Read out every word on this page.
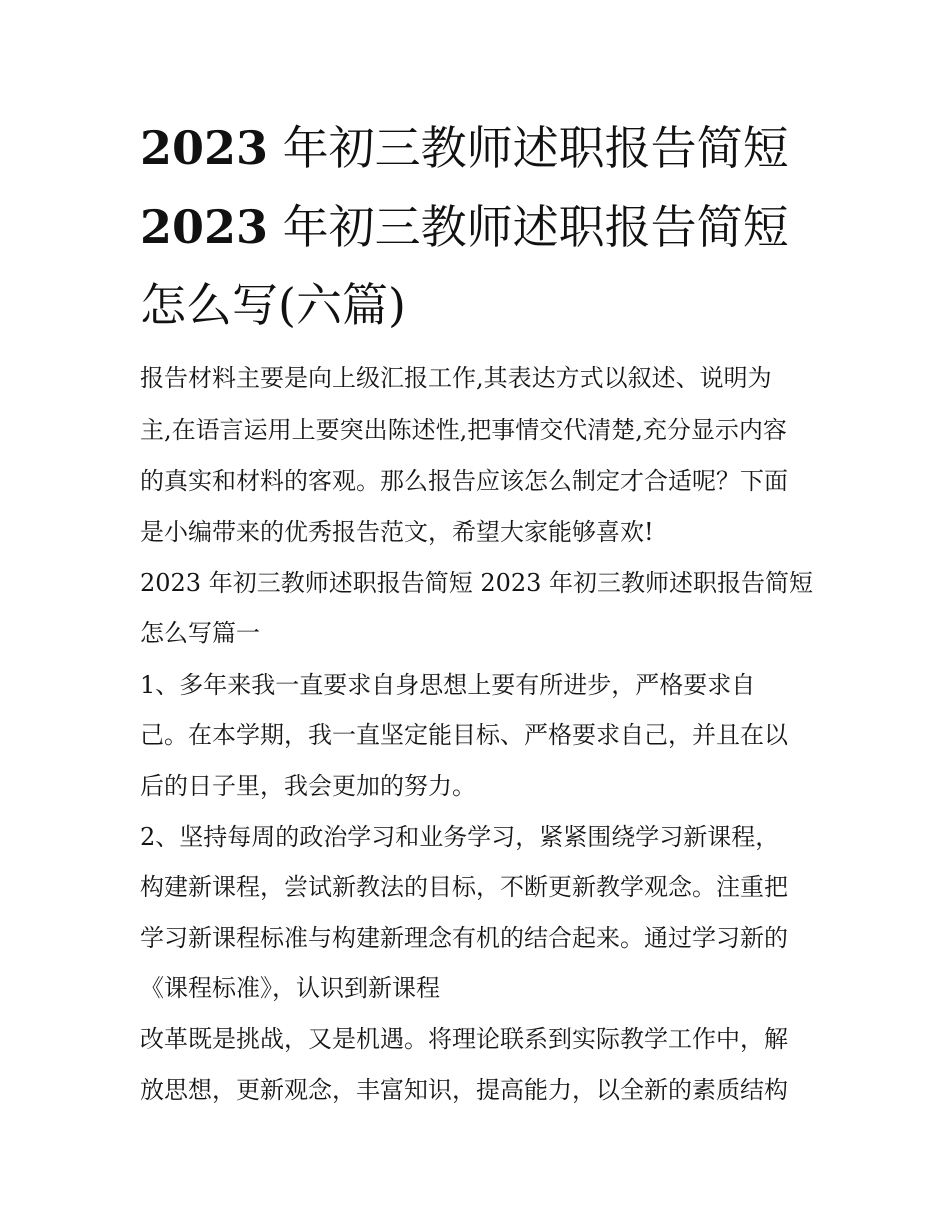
2023 年初三教师述职报告简短
2023 年初三教师述职报告简短
怎么写(六篇)

报告材料主要是向上级汇报工作,其表达方式以叙述、说明为

主,在语言运用上要突出陈述性,把事情交代清楚,充分显示内容

的真实和材料的客观。那么报告应该怎么制定才合适呢？下面

是小编带来的优秀报告范文，希望大家能够喜欢!

2023 年初三教师述职报告简短 2023 年初三教师述职报告简短

怎么写篇一

1、多年来我一直要求自身思想上要有所进步，严格要求自

己。在本学期，我一直坚定能目标、严格要求自己，并且在以

后的日子里，我会更加的努力。

2、坚持每周的政治学习和业务学习，紧紧围绕学习新课程，

构建新课程，尝试新教法的目标，不断更新教学观念。注重把

学习新课程标准与构建新理念有机的结合起来。通过学习新的

《课程标准》，认识到新课程

改革既是挑战，又是机遇。将理论联系到实际教学工作中，解

放思想，更新观念，丰富知识，提高能力，以全新的素质结构
